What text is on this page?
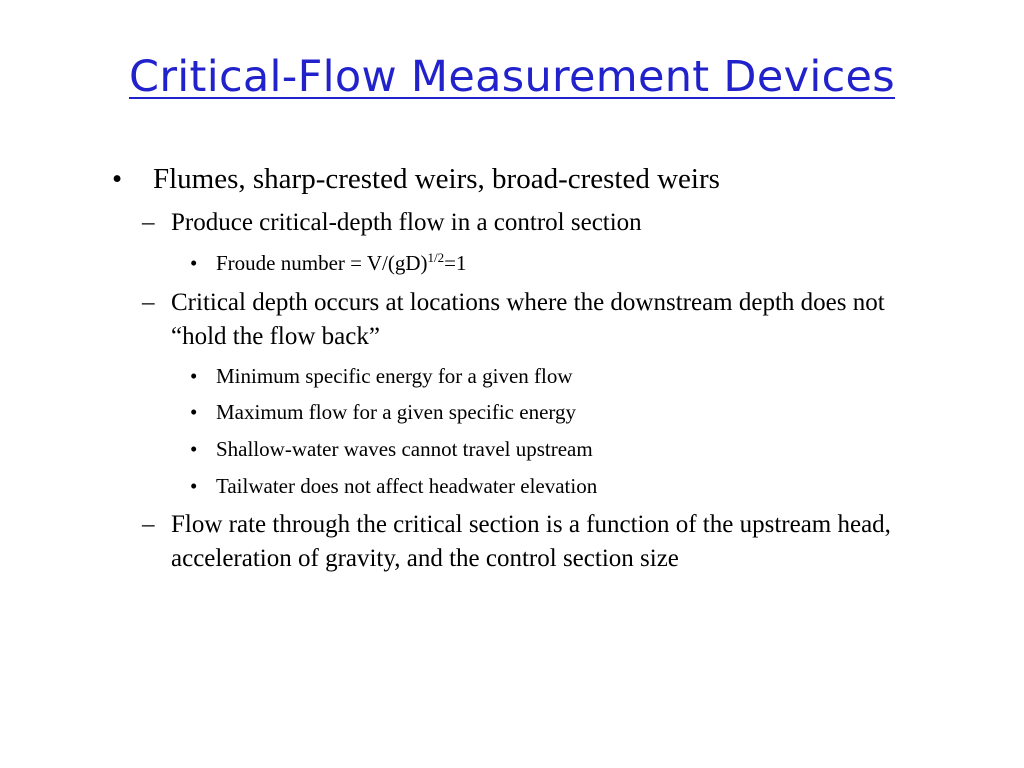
Critical-Flow Measurement Devices
• Flumes, sharp-crested weirs, broad-crested weirs
– Produce critical-depth flow in a control section
• Froude number = V/(gD)$^{1/2}$=1
– Critical depth occurs at locations where the downstream depth does not “hold the flow back”
• Minimum specific energy for a given flow
• Maximum flow for a given specific energy
• Shallow-water waves cannot travel upstream
• Tailwater does not affect headwater elevation
– Flow rate through the critical section is a function of the upstream head, acceleration of gravity, and the control section size
